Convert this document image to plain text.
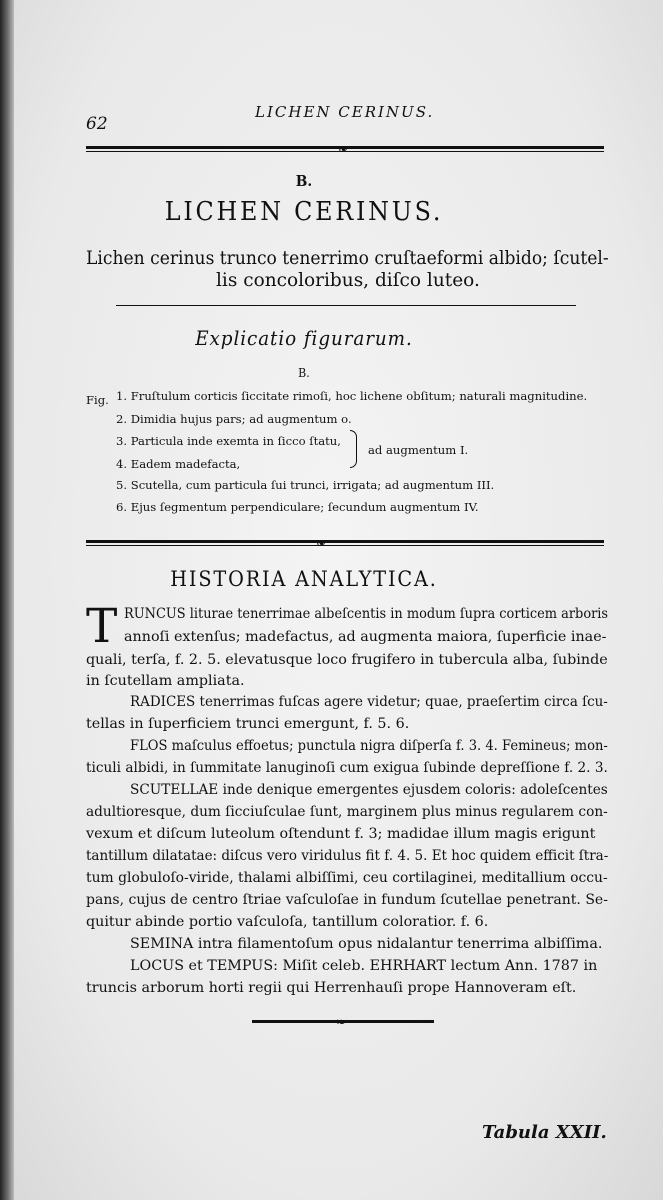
62
LICHEN CERINUS.
❧
B.
LICHEN CERINUS.
Lichen cerinus trunco tenerrimo cruſtaeformi albido; ſcutel-
lis concoloribus, diſco luteo.
Explicatio figurarum.
B.
Fig. 1. Fruſtulum corticis ſiccitate rimoſi, hoc lichene obſitum; naturali magnitudine.
2. Dimidia hujus pars; ad augmentum o.
3. Particula inde exemta in ſicco ſtatu,
4. Eadem madefacta,
ad augmentum I.
5. Scutella, cum particula ſui trunci, irrigata; ad augmentum III.
6. Ejus ſegmentum perpendiculare; ſecundum augmentum IV.
❧
HISTORIA ANALYTICA.
T RUNCUS liturae tenerrimae albeſcentis in modum ſupra corticem arboris
annoſi extenſus; madefactus, ad augmenta maiora, ſuperficie inae-
quali, terſa, f. 2. 5. elevatusque loco frugifero in tubercula alba, ſubinde
in ſcutellam ampliata.
RADICES tenerrimas fuſcas agere videtur; quae, praeſertim circa ſcu-
tellas in ſuperficiem trunci emergunt, f. 5. 6.
FLOS maſculus effoetus; punctula nigra diſperſa f. 3. 4. Femineus; mon-
ticuli albidi, in ſummitate lanuginoſi cum exigua ſubinde depreſſione f. 2. 3.
SCUTELLAE inde denique emergentes ejusdem coloris: adoleſcentes
adultioresque, dum ſicciuſculae ſunt, marginem plus minus regularem con-
vexum et diſcum luteolum oſtendunt f. 3; madidae illum magis erigunt
tantillum dilatatae: diſcus vero viridulus fit f. 4. 5. Et hoc quidem efficit ſtra-
tum globuloſo-viride, thalami albiſſimi, ceu cortilaginei, meditallium occu-
pans, cujus de centro ſtriae vaſculoſae in fundum ſcutellae penetrant. Se-
quitur abinde portio vaſculoſa, tantillum coloratior. f. 6.
SEMINA intra filamentoſum opus nidalantur tenerrima albiſſima.
LOCUS et TEMPUS: Miſit celeb. EHRHART lectum Ann. 1787 in
truncis arborum horti regii qui Herrenhauſi prope Hannoveram eſt.
❧
Tabula XXII.
